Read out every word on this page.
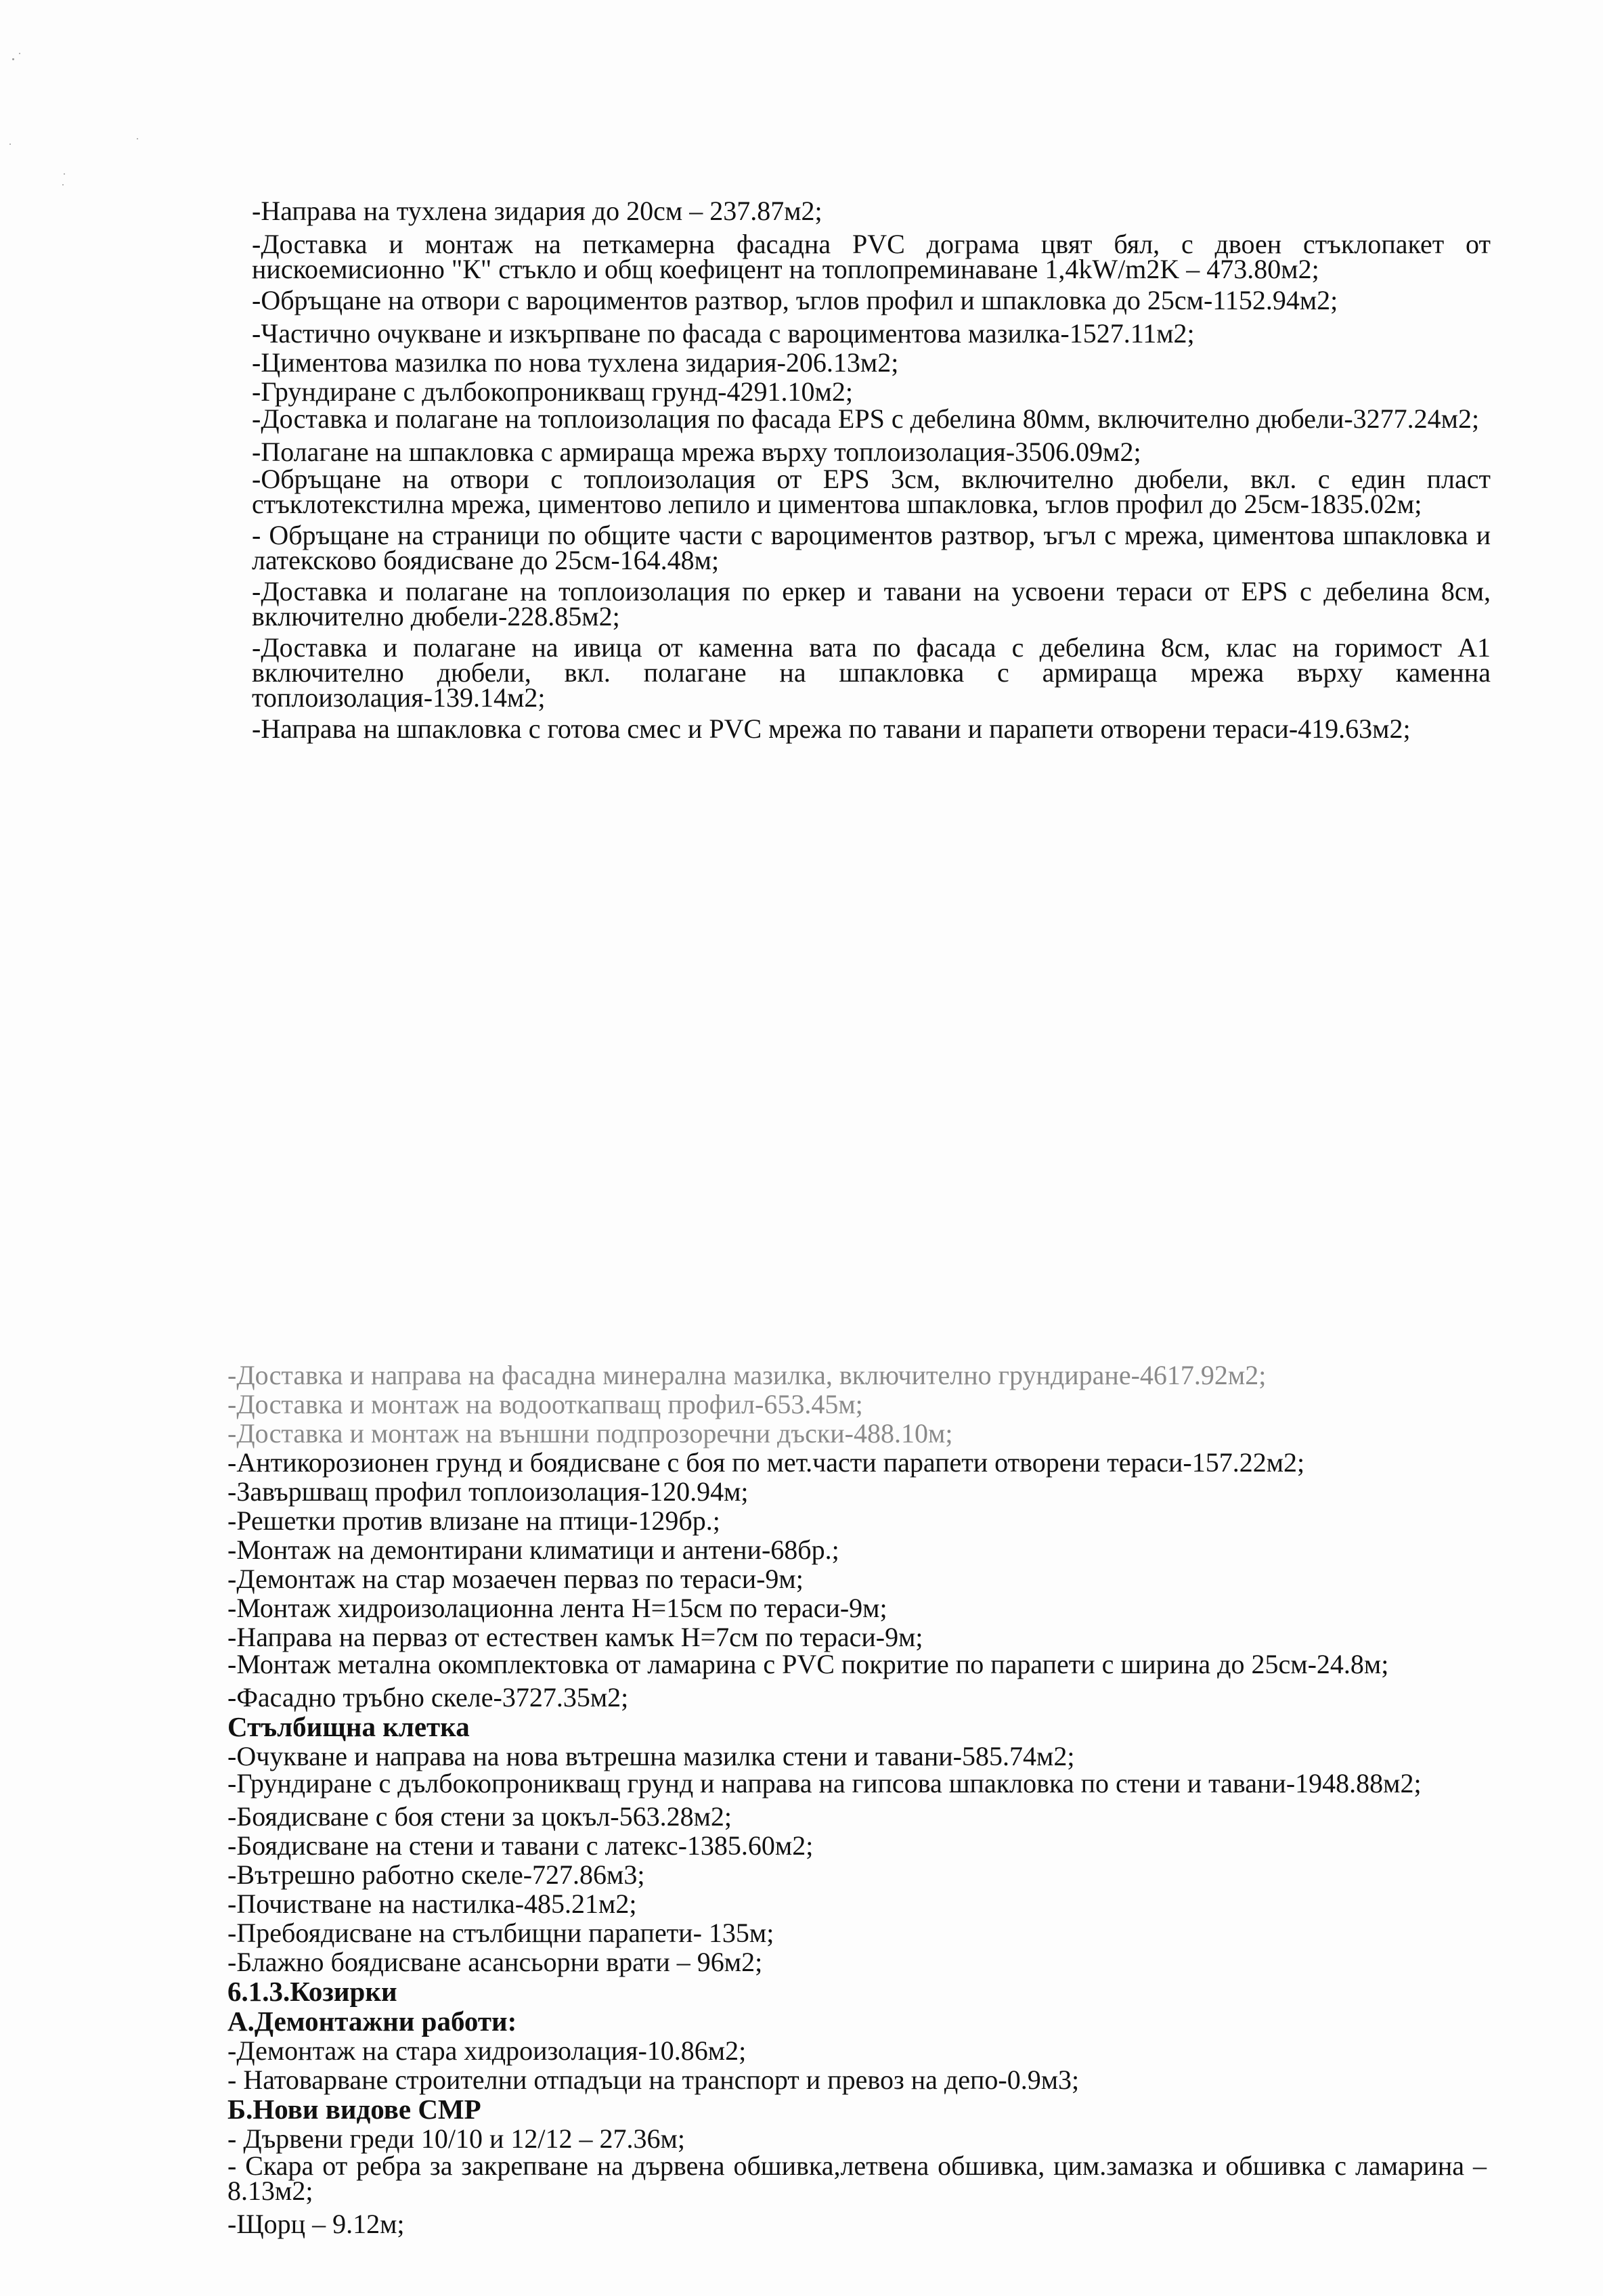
-Направа на тухлена зидария до 20см – 237.87м2;

-Доставка и монтаж на петкамерна фасадна PVC дограма цвят бял, с двоен стъклопакет от нискоемисионно "К" стъкло и общ коефицент на топлопреминаване 1,4kW/m2K – 473.80м2;

-Обръщане на отвори с вароциментов разтвор, ъглов профил и шпакловка до 25см-1152.94м2;

-Частично очукване и изкърпване по фасада с вароциментова мазилка-1527.11м2;
-Циментова мазилка по нова тухлена зидария-206.13м2;
-Грундиране с дълбокопроникващ грунд-4291.10м2;

-Доставка и полагане на топлоизолация по фасада EPS с дебелина 80мм, включително дюбели-3277.24м2;

-Полагане на шпакловка с армираща мрежа върху топлоизолация-3506.09м2;

-Обръщане на отвори с топлоизолация от EPS 3см, включително дюбели, вкл. с един пласт стъклотекстилна мрежа, циментово лепило и циментова шпакловка, ъглов профил до 25см-1835.02м;

- Обръщане на страници по общите части с вароциментов разтвор, ъгъл с мрежа, циментова шпакловка и латексково боядисване до 25см-164.48м;

-Доставка и полагане на топлоизолация по еркер и тавани на усвоени тераси от EPS с дебелина 8см, включително дюбели-228.85м2;

-Доставка и полагане на ивица от каменна вата по фасада с дебелина 8см, клас на горимост A1 включително дюбели, вкл. полагане на шпакловка с армираща мрежа върху каменна топлоизолация-139.14м2;

-Направа на шпакловка с готова смес и PVC мрежа по тавани и парапети отворени тераси-419.63м2;

-Доставка и направа на фасадна минерална мазилка, включително грундиране-4617.92м2;
-Доставка и монтаж на водооткапващ профил-653.45м;
-Доставка и монтаж на външни подпрозоречни дъски-488.10м;
-Антикорозионен грунд и боядисване с боя по мет.части парапети отворени тераси-157.22м2;
-Завършващ профил топлоизолация-120.94м;
-Решетки против влизане на птици-129бр.;
-Монтаж на демонтирани климатици и антени-68бр.;
-Демонтаж на стар мозаечен перваз по тераси-9м;
-Монтаж хидроизолационна лента H=15см по тераси-9м;
-Направа на перваз от естествен камък H=7см по тераси-9м;

-Монтаж метална окомплектовка от ламарина с PVC покритие по парапети с ширина до 25см-24.8м;

-Фасадно тръбно скеле-3727.35м2;
Стълбищна клетка
-Очукване и направа на нова вътрешна мазилка стени и тавани-585.74м2;

-Грундиране с дълбокопроникващ грунд и направа на гипсова шпакловка по стени и тавани-1948.88м2;

-Боядисване с боя стени за цокъл-563.28м2;
-Боядисване на стени и тавани с латекс-1385.60м2;
-Вътрешно работно скеле-727.86м3;
-Почистване на настилка-485.21м2;
-Пребоядисване на стълбищни парапети- 135м;
-Блажно боядисване асансьорни врати – 96м2;
6.1.3.Козирки
А.Демонтажни работи:
-Демонтаж на стара хидроизолация-10.86м2;
- Натоварване строителни отпадъци на транспорт и превоз на депо-0.9м3;
Б.Нови видове СМР
- Дървени греди 10/10 и 12/12 – 27.36м;

- Скара от ребра за закрепване на дървена обшивка,летвена обшивка, цим.замазка и обшивка с ламарина – 8.13м2;

-Щорц – 9.12м;
